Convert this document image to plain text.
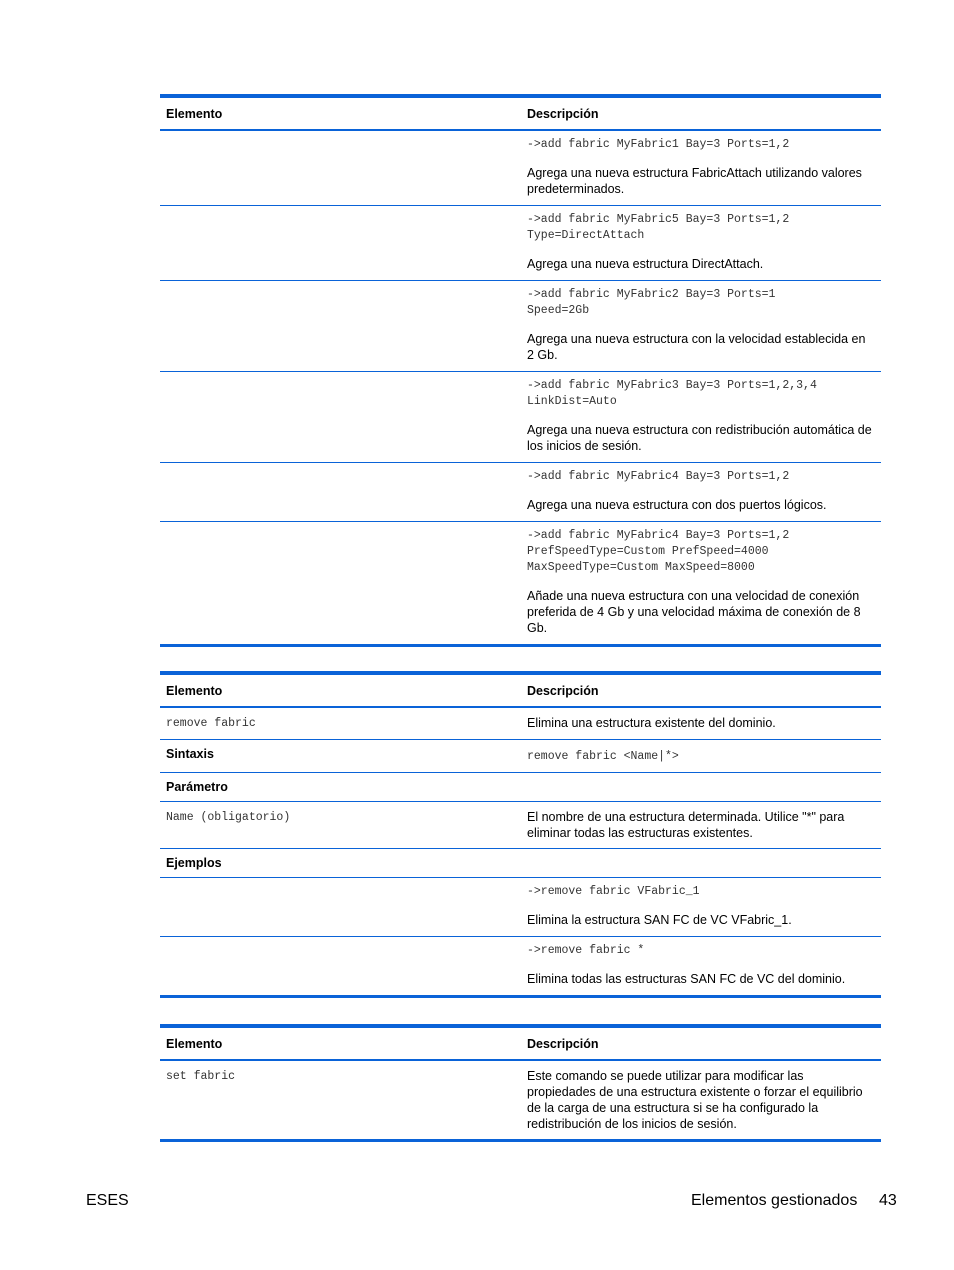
Elemento	Descripción
->add fabric MyFabric1 Bay=3 Ports=1,2
Agrega una nueva estructura FabricAttach utilizando valores predeterminados.
->add fabric MyFabric5 Bay=3 Ports=1,2
Type=DirectAttach
Agrega una nueva estructura DirectAttach.
->add fabric MyFabric2 Bay=3 Ports=1
Speed=2Gb
Agrega una nueva estructura con la velocidad establecida en 2 Gb.
->add fabric MyFabric3 Bay=3 Ports=1,2,3,4
LinkDist=Auto
Agrega una nueva estructura con redistribución automática de los inicios de sesión.
->add fabric MyFabric4 Bay=3 Ports=1,2
Agrega una nueva estructura con dos puertos lógicos.
->add fabric MyFabric4 Bay=3 Ports=1,2
PrefSpeedType=Custom PrefSpeed=4000
MaxSpeedType=Custom MaxSpeed=8000
Añade una nueva estructura con una velocidad de conexión preferida de 4 Gb y una velocidad máxima de conexión de 8 Gb.
Elemento	Descripción
remove fabric	Elimina una estructura existente del dominio.
Sintaxis	remove fabric <Name|*>
Parámetro
Name (obligatorio)	El nombre de una estructura determinada. Utilice "*" para eliminar todas las estructuras existentes.
Ejemplos
->remove fabric VFabric_1
Elimina la estructura SAN FC de VC VFabric_1.
->remove fabric *
Elimina todas las estructuras SAN FC de VC del dominio.
Elemento	Descripción
set fabric	Este comando se puede utilizar para modificar las propiedades de una estructura existente o forzar el equilibrio de la carga de una estructura si se ha configurado la redistribución de los inicios de sesión.
ESES	Elementos gestionados 43
